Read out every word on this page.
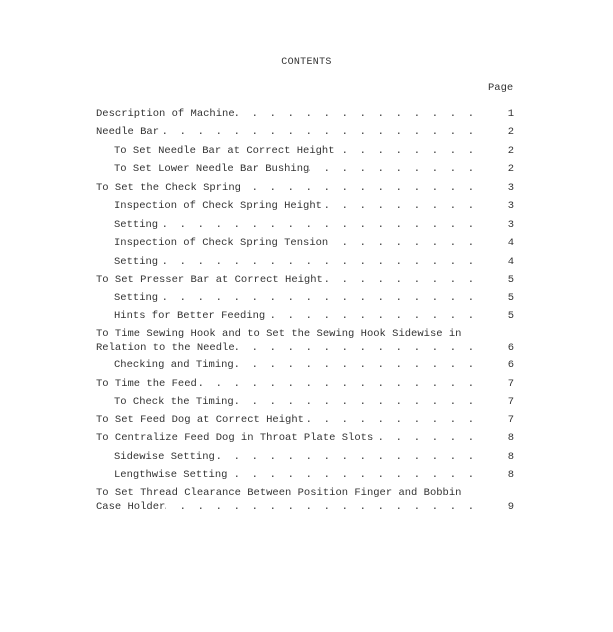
CONTENTS
Page
Description of Machine . . .	1
Needle Bar . . .	2
To Set Needle Bar at Correct Height . . .	2
To Set Lower Needle Bar Bushing . . .	2
To Set the Check Spring . . .	3
Inspection of Check Spring Height . . .	3
Setting . . .	3
Inspection of Check Spring Tension . . .	4
Setting . . .	4
To Set Presser Bar at Correct Height . . .	5
Setting . . .	5
Hints for Better Feeding . . .	5
To Time Sewing Hook and to Set the Sewing Hook Sidewise in
Relation to the Needle . . .	6
Checking and Timing . . .	6
To Time the Feed . . .	7
To Check the Timing . . .	7
To Set Feed Dog at Correct Height . . .	7
To Centralize Feed Dog in Throat Plate Slots . . .	8
Sidewise Setting . . .	8
Lengthwise Setting . . .	8
To Set Thread Clearance Between Position Finger and Bobbin
Case Holder . . .	9
